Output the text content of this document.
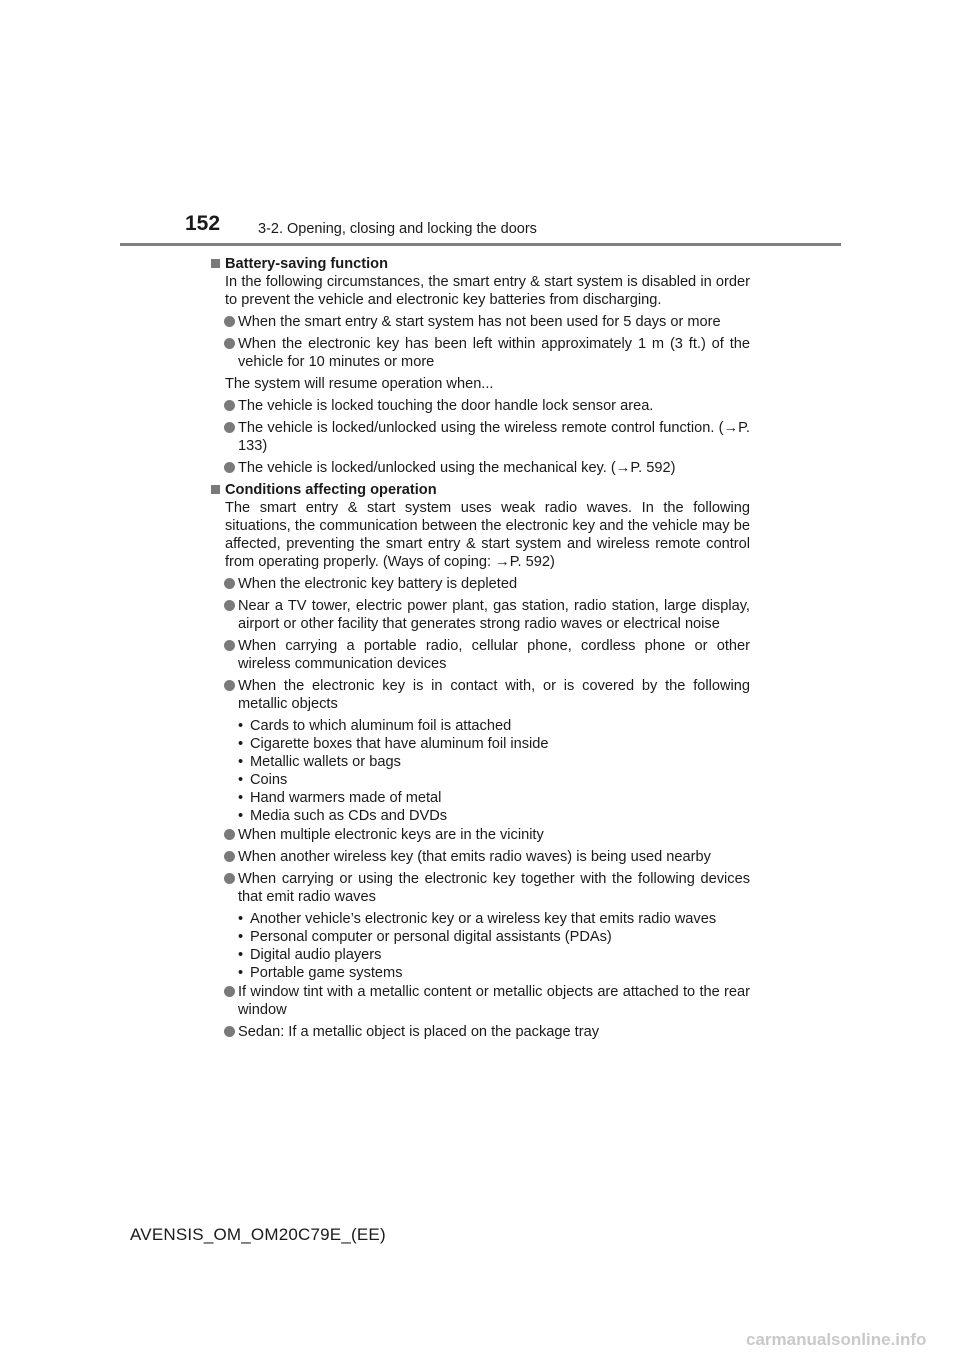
152	3-2. Opening, closing and locking the doors

Battery-saving function

In the following circumstances, the smart entry & start system is disabled in order to prevent the vehicle and electronic key batteries from discharging.

When the smart entry & start system has not been used for 5 days or more
When the electronic key has been left within approximately 1 m (3 ft.) of the vehicle for 10 minutes or more

The system will resume operation when...

The vehicle is locked touching the door handle lock sensor area.
The vehicle is locked/unlocked using the wireless remote control function. (→P. 133)
The vehicle is locked/unlocked using the mechanical key. (→P. 592)

Conditions affecting operation

The smart entry & start system uses weak radio waves. In the following situations, the communication between the electronic key and the vehicle may be affected, preventing the smart entry & start system and wireless remote control from operating properly. (Ways of coping: →P. 592)

When the electronic key battery is depleted
Near a TV tower, electric power plant, gas station, radio station, large display, airport or other facility that generates strong radio waves or electrical noise
When carrying a portable radio, cellular phone, cordless phone or other wireless communication devices
When the electronic key is in contact with, or is covered by the following metallic objects
• Cards to which aluminum foil is attached
• Cigarette boxes that have aluminum foil inside
• Metallic wallets or bags
• Coins
• Hand warmers made of metal
• Media such as CDs and DVDs
When multiple electronic keys are in the vicinity
When another wireless key (that emits radio waves) is being used nearby
When carrying or using the electronic key together with the following devices that emit radio waves
• Another vehicle’s electronic key or a wireless key that emits radio waves
• Personal computer or personal digital assistants (PDAs)
• Digital audio players
• Portable game systems
If window tint with a metallic content or metallic objects are attached to the rear window
Sedan: If a metallic object is placed on the package tray
AVENSIS_OM_OM20C79E_(EE)
carmanualsonline.info
